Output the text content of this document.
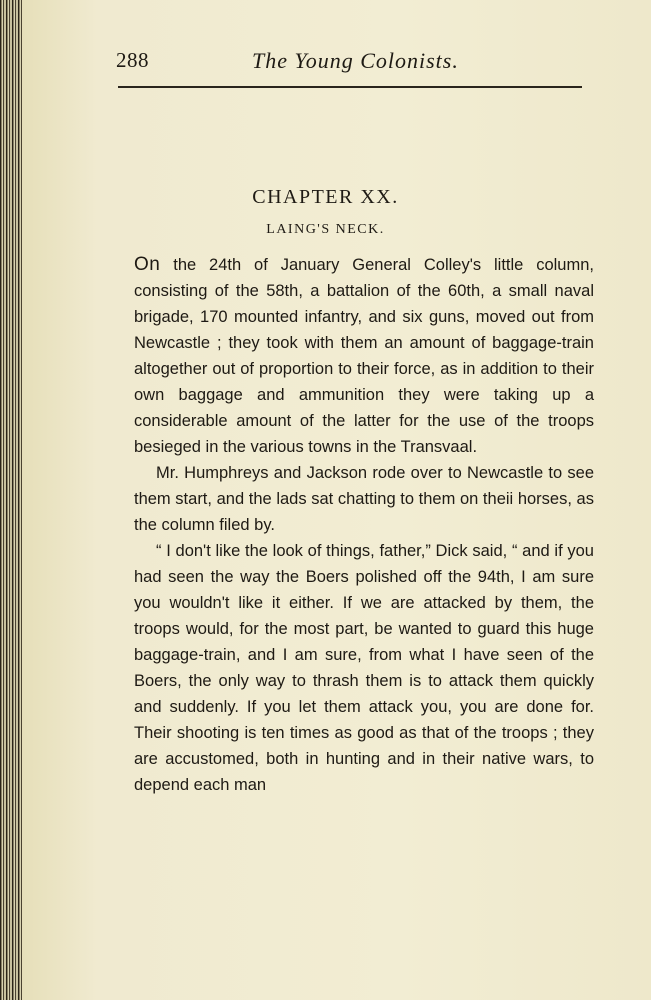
288	The Young Colonists.
CHAPTER XX.
LAING'S NECK.

On the 24th of January General Colley's little column, consisting of the 58th, a battalion of the 60th, a small naval brigade, 170 mounted infantry, and six guns, moved out from Newcastle ; they took with them an amount of baggage-train altogether out of proportion to their force, as in addition to their own baggage and ammunition they were taking up a considerable amount of the latter for the use of the troops besieged in the various towns in the Transvaal.

Mr. Humphreys and Jackson rode over to Newcastle to see them start, and the lads sat chatting to them on theii horses, as the column filed by.

“ I don't like the look of things, father,” Dick said, “ and if you had seen the way the Boers polished off the 94th, I am sure you wouldn't like it either. If we are attacked by them, the troops would, for the most part, be wanted to guard this huge baggage-train, and I am sure, from what I have seen of the Boers, the only way to thrash them is to attack them quickly and suddenly. If you let them attack you, you are done for. Their shooting is ten times as good as that of the troops ; they are accustomed, both in hunting and in their native wars, to depend each man
